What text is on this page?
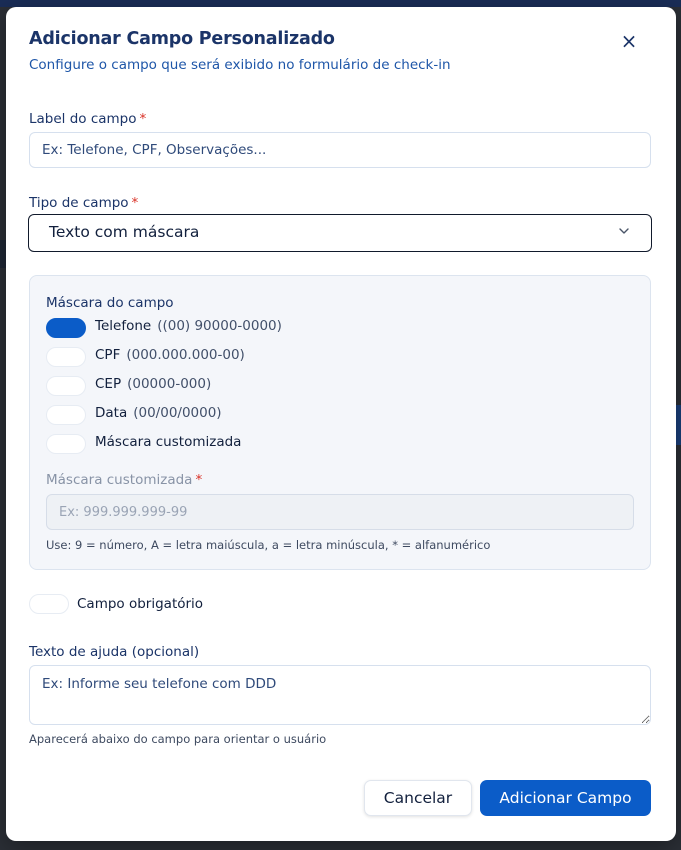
Adicionar Campo Personalizado
Configure o campo que será exibido no formulário de check-in
×
Label do campo *
Ex: Telefone, CPF, Observações...
Tipo de campo *
Texto com máscara
Máscara do campo
Telefone ((00) 90000-0000)
CPF (000.000.000-00)
CEP (00000-000)
Data (00/00/0000)
Máscara customizada
Máscara customizada *
Ex: 999.999.999-99
Use: 9 = número, A = letra maiúscula, a = letra minúscula, * = alfanumérico
Campo obrigatório
Texto de ajuda (opcional)
Ex: Informe seu telefone com DDD
Aparecerá abaixo do campo para orientar o usuário
Cancelar	Adicionar Campo
